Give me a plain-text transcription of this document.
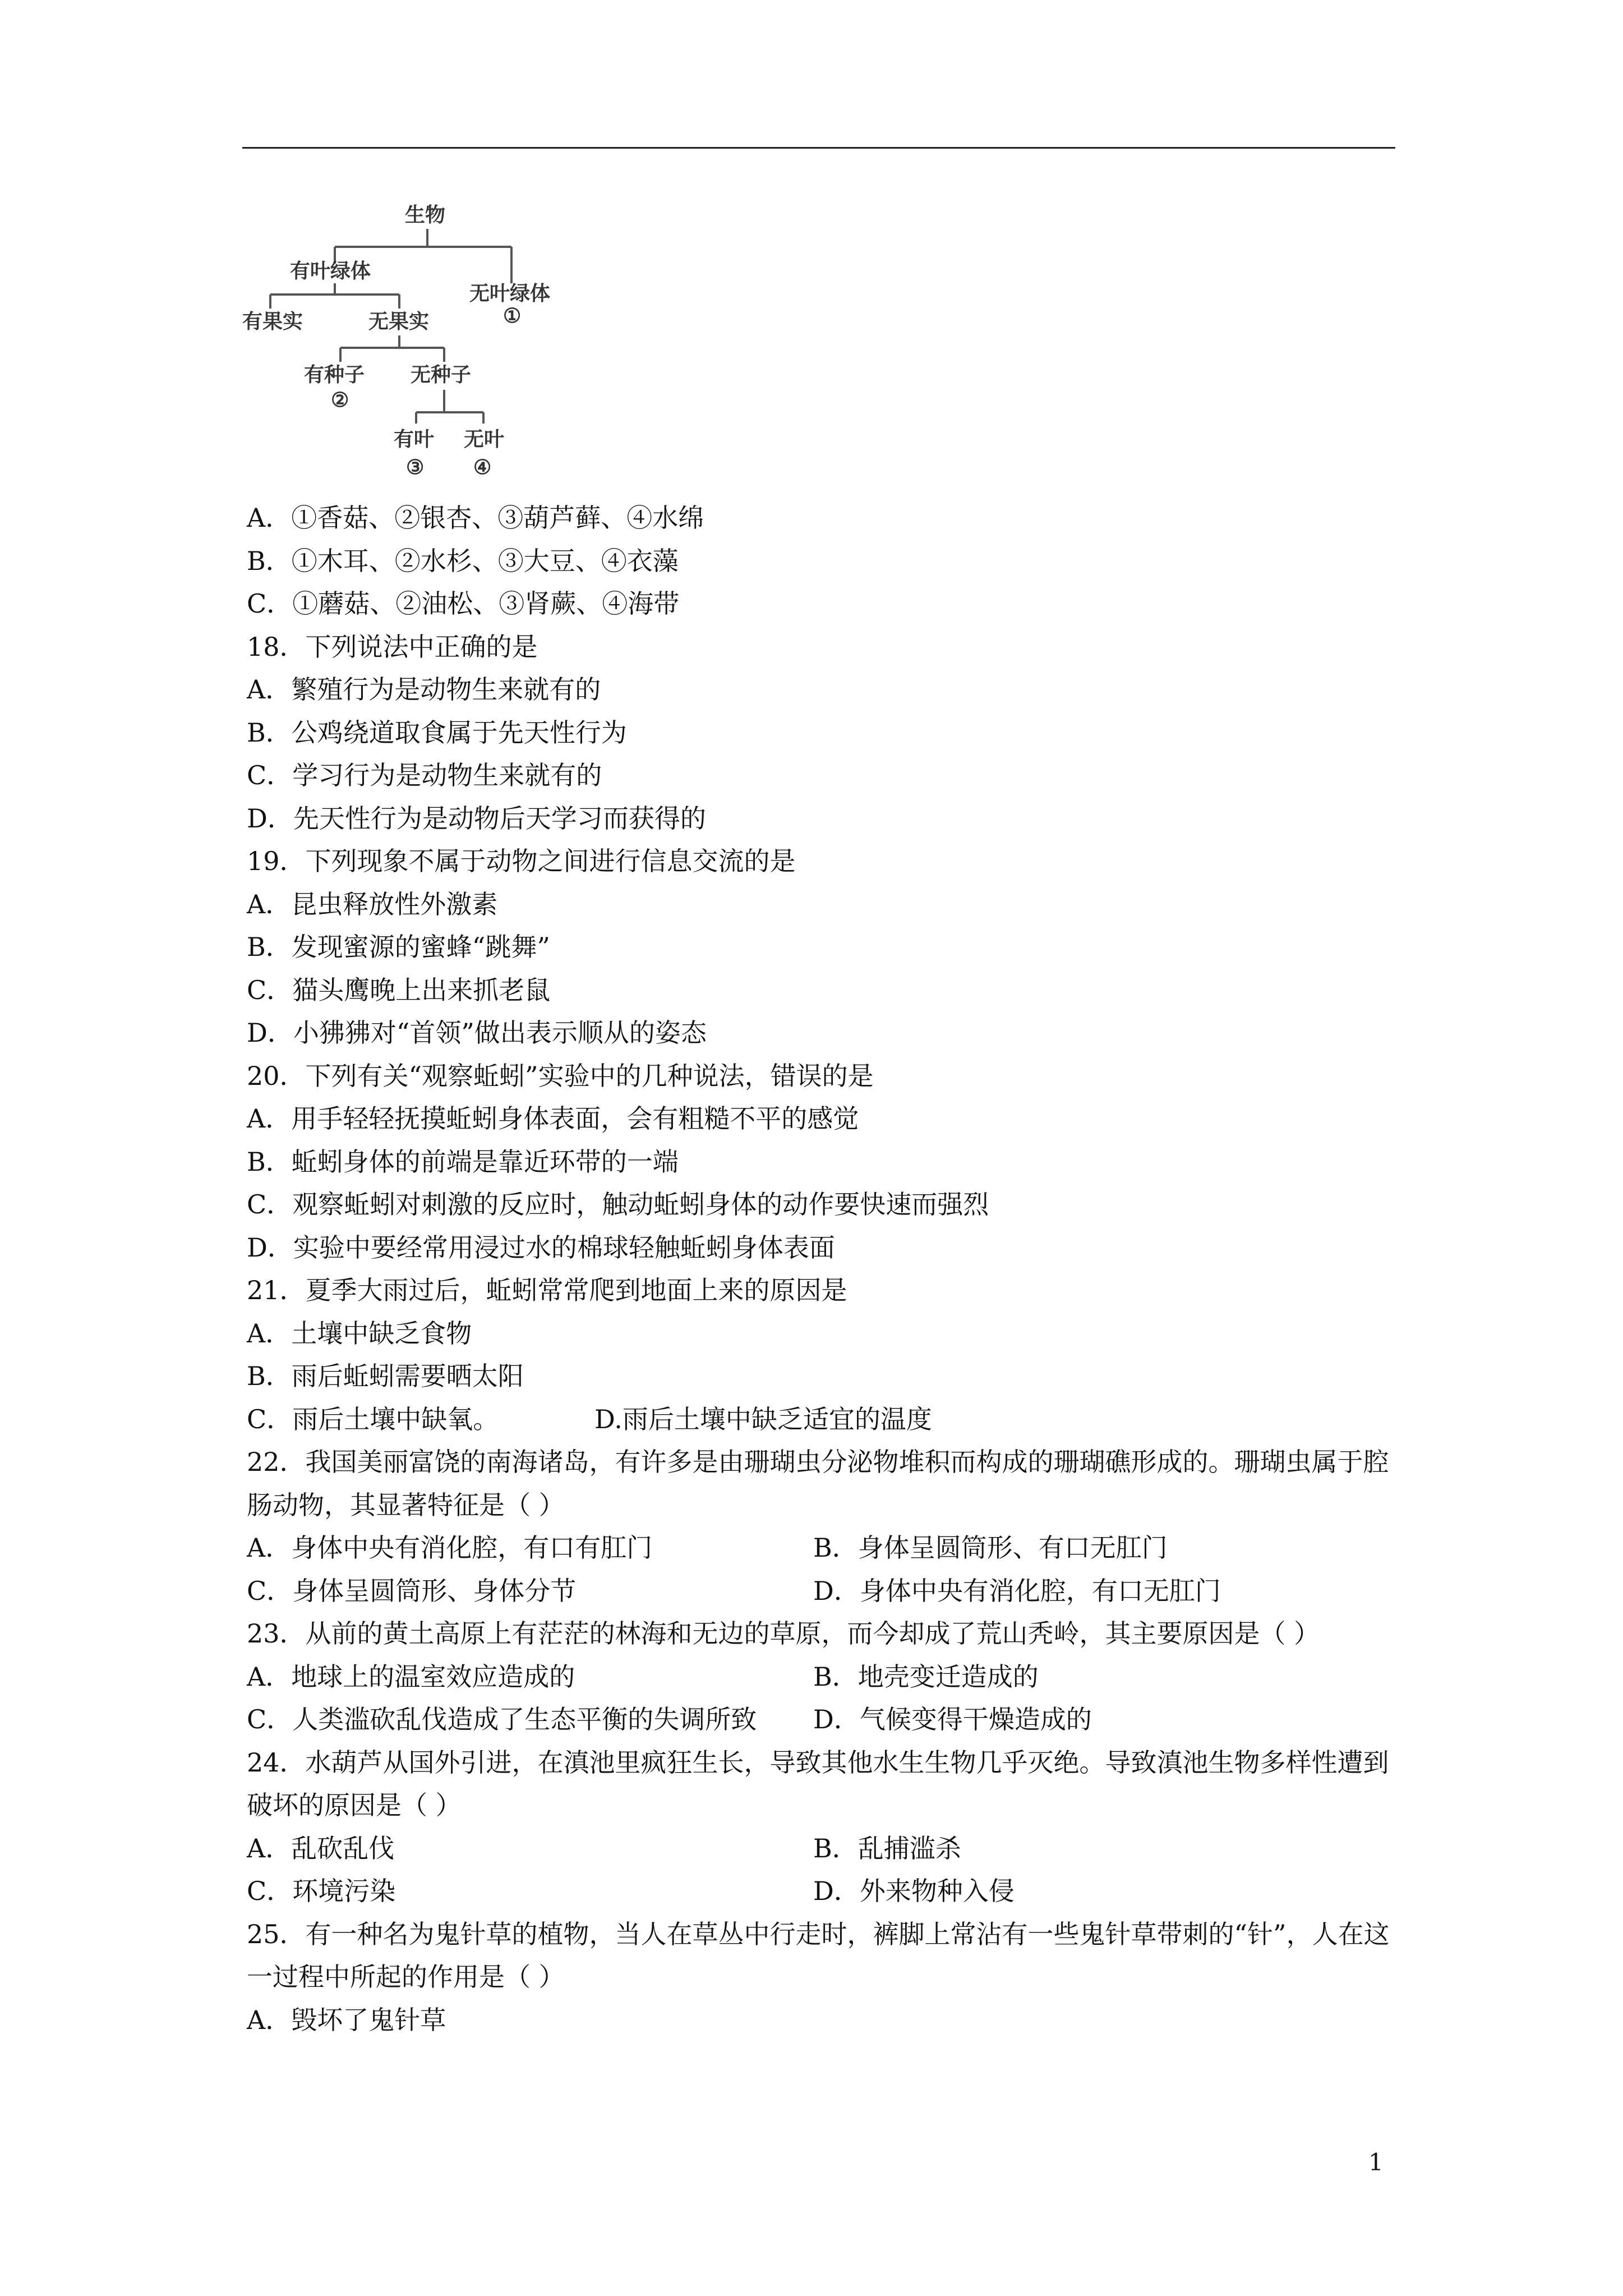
生物
有叶绿体
无叶绿体
①
有果实	无果实
有种子
②
无种子
有叶
③
无叶
④
A．①香菇、②银杏、③葫芦藓、④水绵
B．①木耳、②水杉、③大豆、④衣藻
C．①蘑菇、②油松、③肾蕨、④海带
18．下列说法中正确的是
A．繁殖行为是动物生来就有的
B．公鸡绕道取食属于先天性行为
C．学习行为是动物生来就有的
D．先天性行为是动物后天学习而获得的
19．下列现象不属于动物之间进行信息交流的是
A．昆虫释放性外激素
B．发现蜜源的蜜蜂“跳舞”
C．猫头鹰晚上出来抓老鼠
D．小狒狒对“首领”做出表示顺从的姿态
20．下列有关“观察蚯蚓”实验中的几种说法，错误的是
A．用手轻轻抚摸蚯蚓身体表面，会有粗糙不平的感觉
B．蚯蚓身体的前端是靠近环带的一端
C．观察蚯蚓对刺激的反应时，触动蚯蚓身体的动作要快速而强烈
D．实验中要经常用浸过水的棉球轻触蚯蚓身体表面
21．夏季大雨过后，蚯蚓常常爬到地面上来的原因是
A．土壤中缺乏食物
B．雨后蚯蚓需要晒太阳
C．雨后土壤中缺氧。	D.雨后土壤中缺乏适宜的温度
22．我国美丽富饶的南海诸岛，有许多是由珊瑚虫分泌物堆积而构成的珊瑚礁形成的。珊瑚虫属于腔肠动物，其显著特征是（ ）
A．身体中央有消化腔，有口有肛门	B．身体呈圆筒形、有口无肛门
C．身体呈圆筒形、身体分节	D．身体中央有消化腔，有口无肛门
23．从前的黄土高原上有茫茫的林海和无边的草原，而今却成了荒山秃岭，其主要原因是（ ）
A．地球上的温室效应造成的	B．地壳变迁造成的
C．人类滥砍乱伐造成了生态平衡的失调所致 D．气候变得干燥造成的
24．水葫芦从国外引进，在滇池里疯狂生长，导致其他水生生物几乎灭绝。导致滇池生物多样性遭到破坏的原因是（ ）
A．乱砍乱伐	B．乱捕滥杀
C．环境污染	D．外来物种入侵
25．有一种名为鬼针草的植物，当人在草丛中行走时，裤脚上常沾有一些鬼针草带刺的“针”，人在这一过程中所起的作用是（ ）
A．毁坏了鬼针草
1
